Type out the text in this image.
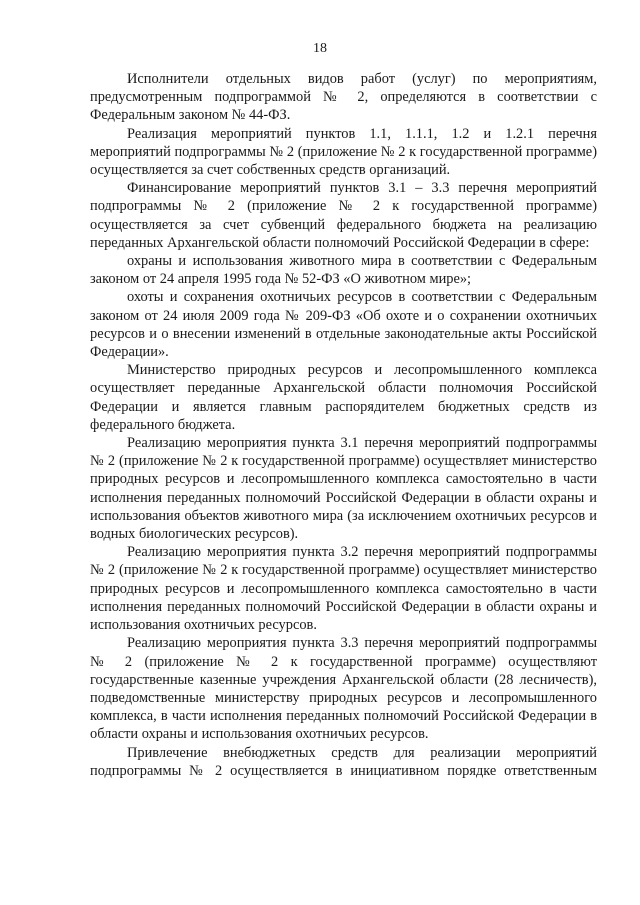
18

Исполнители отдельных видов работ (услуг) по мероприятиям, предусмотренным подпрограммой № 2, определяются в соответствии с Федеральным законом № 44-ФЗ.

Реализация мероприятий пунктов 1.1, 1.1.1, 1.2 и 1.2.1 перечня мероприятий подпрограммы № 2 (приложение № 2 к государственной программе) осуществляется за счет собственных средств организаций.

Финансирование мероприятий пунктов 3.1 – 3.3 перечня мероприятий подпрограммы № 2 (приложение № 2 к государственной программе) осуществляется за счет субвенций федерального бюджета на реализацию переданных Архангельской области полномочий Российской Федерации в сфере:

охраны и использования животного мира в соответствии с Федеральным законом от 24 апреля 1995 года № 52-ФЗ «О животном мире»;

охоты и сохранения охотничьих ресурсов в соответствии с Федеральным законом от 24 июля 2009 года № 209-ФЗ «Об охоте и о сохранении охотничьих ресурсов и о внесении изменений в отдельные законодательные акты Российской Федерации».

Министерство природных ресурсов и лесопромышленного комплекса осуществляет переданные Архангельской области полномочия Российской Федерации и является главным распорядителем бюджетных средств из федерального бюджета.

Реализацию мероприятия пункта 3.1 перечня мероприятий подпрограммы № 2 (приложение № 2 к государственной программе) осуществляет министерство природных ресурсов и лесопромышленного комплекса самостоятельно в части исполнения переданных полномочий Российской Федерации в области охраны и использования объектов животного мира (за исключением охотничьих ресурсов и водных биологических ресурсов).

Реализацию мероприятия пункта 3.2 перечня мероприятий подпрограммы № 2 (приложение № 2 к государственной программе) осуществляет министерство природных ресурсов и лесопромышленного комплекса самостоятельно в части исполнения переданных полномочий Российской Федерации в области охраны и использования охотничьих ресурсов.

Реализацию мероприятия пункта 3.3 перечня мероприятий подпрограммы № 2 (приложение № 2 к государственной программе) осуществляют государственные казенные учреждения Архангельской области (28 лесничеств), подведомственные министерству природных ресурсов и лесопромышленного комплекса, в части исполнения переданных полномочий Российской Федерации в области охраны и использования охотничьих ресурсов.

Привлечение внебюджетных средств для реализации мероприятий подпрограммы № 2 осуществляется в инициативном порядке ответственным
